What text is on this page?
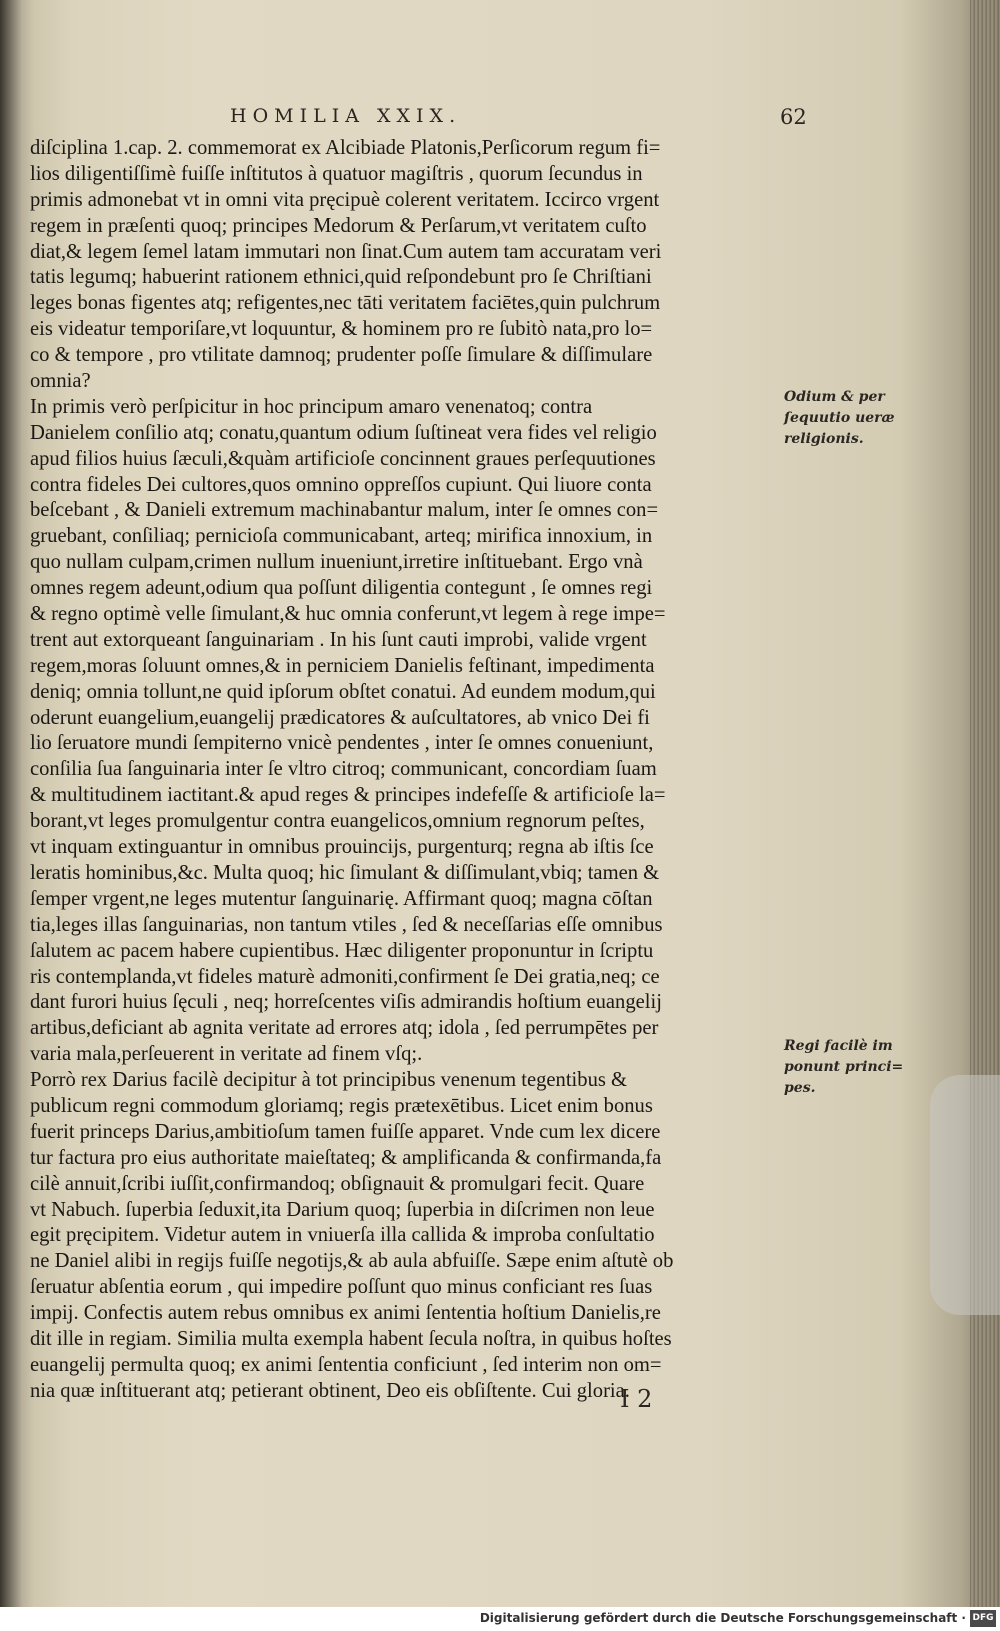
HOMILIA XXIX.	62
diſciplina 1.cap. 2. commemorat ex Alcibiade Platonis,Perſicorum regum fi=
lios diligentiſſimè fuiſſe inſtitutos à quatuor magiſtris , quorum ſecundus in
primis admonebat vt in omni vita pręcipuè colerent veritatem. Iccirco vrgent
regem in præſenti quoq; principes Medorum & Perſarum,vt veritatem cuſto
diat,& legem ſemel latam immutari non ſinat.Cum autem tam accuratam veri
tatis legumq; habuerint rationem ethnici,quid reſpondebunt pro ſe Chriſtiani
leges bonas figentes atq; refigentes,nec tāti veritatem faciētes,quin pulchrum
eis videatur temporiſare,vt loquuntur, & hominem pro re ſubitò nata,pro lo=
co & tempore , pro vtilitate damnoq; prudenter poſſe ſimulare & diſſimulare
omnia?
In primis verò perſpicitur in hoc principum amaro venenatoq; contra
Danielem conſilio atq; conatu,quantum odium ſuſtineat vera fides vel religio
apud filios huius ſæculi,&quàm artificioſe concinnent graues perſequutiones
contra fideles Dei cultores,quos omnino oppreſſos cupiunt. Qui liuore conta
beſcebant , & Danieli extremum machinabantur malum, inter ſe omnes con=
gruebant, conſiliaq; pernicioſa communicabant, arteq; mirifica innoxium, in
quo nullam culpam,crimen nullum inueniunt,irretire inſtituebant. Ergo vnà
omnes regem adeunt,odium qua poſſunt diligentia contegunt , ſe omnes regi
& regno optimè velle ſimulant,& huc omnia conferunt,vt legem à rege impe=
trent aut extorqueant ſanguinariam . In his ſunt cauti improbi, valide vrgent
regem,moras ſoluunt omnes,& in perniciem Danielis feſtinant, impedimenta
deniq; omnia tollunt,ne quid ipſorum obſtet conatui. Ad eundem modum,qui
oderunt euangelium,euangelij prædicatores & auſcultatores, ab vnico Dei fi
lio ſeruatore mundi ſempiterno vnicè pendentes , inter ſe omnes conueniunt,
conſilia ſua ſanguinaria inter ſe vltro citroq; communicant, concordiam ſuam
& multitudinem iactitant.& apud reges & principes indefeſſe & artificioſe la=
borant,vt leges promulgentur contra euangelicos,omnium regnorum peſtes,
vt inquam extinguantur in omnibus prouincijs, purgenturq; regna ab iſtis ſce
leratis hominibus,&c. Multa quoq; hic ſimulant & diſſimulant,vbiq; tamen &
ſemper vrgent,ne leges mutentur ſanguinarię. Affirmant quoq; magna cōſtan
tia,leges illas ſanguinarias, non tantum vtiles , ſed & neceſſarias eſſe omnibus
ſalutem ac pacem habere cupientibus. Hæc diligenter proponuntur in ſcriptu
ris contemplanda,vt fideles maturè admoniti,confirment ſe Dei gratia,neq; ce
dant furori huius ſęculi , neq; horreſcentes viſis admirandis hoſtium euangelij
artibus,deficiant ab agnita veritate ad errores atq; idola , ſed perrumpētes per
varia mala,perſeuerent in veritate ad finem vſq;.
Porrò rex Darius facilè decipitur à tot principibus venenum tegentibus &
publicum regni commodum gloriamq; regis prætexētibus. Licet enim bonus
fuerit princeps Darius,ambitioſum tamen fuiſſe apparet. Vnde cum lex dicere
tur factura pro eius authoritate maieſtateq; & amplificanda & confirmanda,fa
cilè annuit,ſcribi iuſſit,confirmandoq; obſignauit & promulgari fecit. Quare
vt Nabuch. ſuperbia ſeduxit,ita Darium quoq; ſuperbia in diſcrimen non leue
egit pręcipitem. Videtur autem in vniuerſa illa callida & improba conſultatio
ne Daniel alibi in regijs fuiſſe negotijs,& ab aula abfuiſſe. Sæpe enim aſtutè ob
ſeruatur abſentia eorum , qui impedire poſſunt quo minus conficiant res ſuas
impij. Confectis autem rebus omnibus ex animi ſententia hoſtium Danielis,re
dit ille in regiam. Similia multa exempla habent ſecula noſtra, in quibus hoſtes
euangelij permulta quoq; ex animi ſententia conficiunt , ſed interim non om=
nia quæ inſtituerant atq; petierant obtinent, Deo eis obſiſtente. Cui gloria.
Odium & per
ſequutio ueræ
religionis.
Regi facilè im
ponunt princi=
pes.
I 2
Digitalisierung gefördert durch die Deutsche Forschungsgemeinschaft · DFG
